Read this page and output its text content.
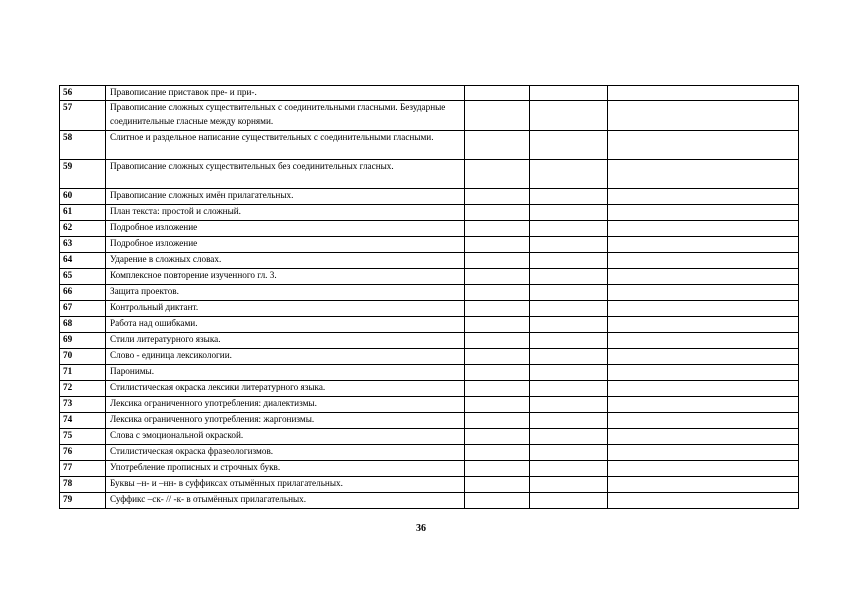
56	Правописание приставок пре- и при-.			
57	Правописание сложных существительных с соединительными гласными. Безударные соединительные гласные между корнями.			
58	Слитное и раздельное написание существительных с соединительными гласными.			
59	Правописание сложных существительных без соединительных гласных.			
60	Правописание сложных имён прилагательных.			
61	План текста: простой и сложный.			
62	Подробное изложение			
63	Подробное изложение			
64	Ударение в сложных словах.			
65	Комплексное повторение изученного гл. 3.			
66	Защита проектов.			
67	Контрольный диктант.			
68	Работа над ошибками.			
69	Стили литературного языка.			
70	Слово - единица лексикологии.			
71	Паронимы.			
72	Стилистическая окраска лексики литературного языка.			
73	Лексика ограниченного употребления: диалектизмы.			
74	Лексика ограниченного употребления: жаргонизмы.			
75	Слова с эмоциональной окраской.			
76	Стилистическая окраска фразеологизмов.			
77	Употребление прописных и строчных букв.			
78	Буквы –н- и –нн- в суффиксах отымённых прилагательных.			
79	Суффикс –ск- // -к- в отымённых прилагательных.			
36
